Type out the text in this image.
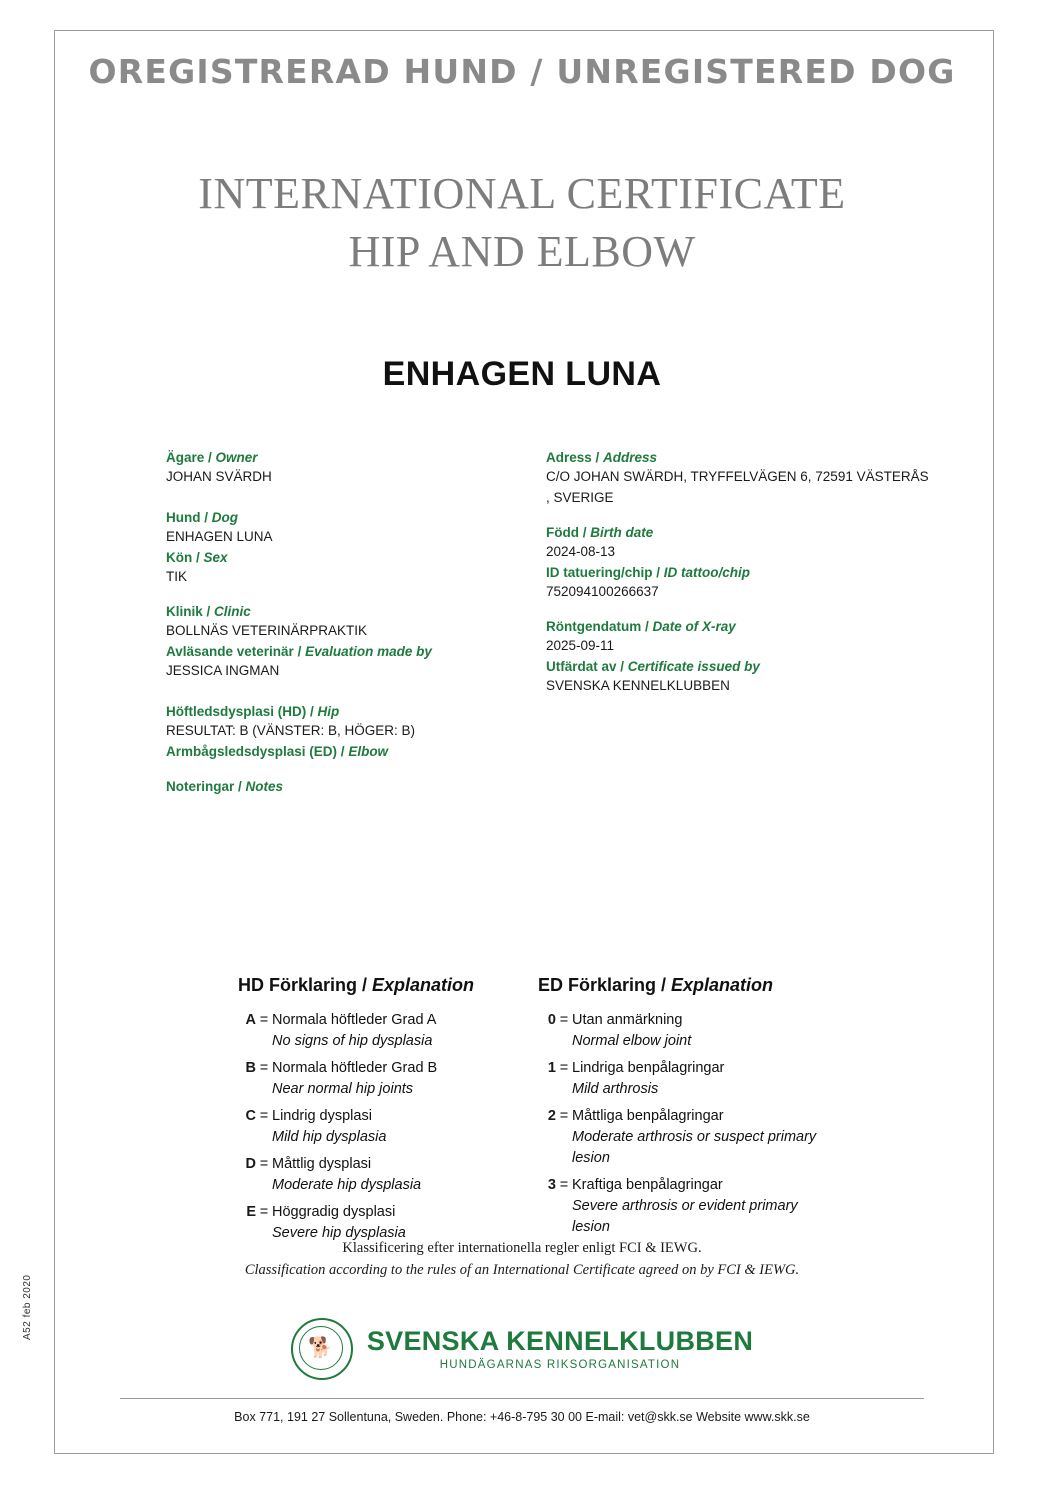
A52 feb 2020
OREGISTRERAD HUND / UNREGISTERED DOG
INTERNATIONAL CERTIFICATE
HIP AND ELBOW
ENHAGEN LUNA
Ägare / Owner
JOHAN SVÄRDH
Hund / Dog
ENHAGEN LUNA
Kön / Sex
TIK
Klinik / Clinic
BOLLNÄS VETERINÄRPRAKTIK
Avläsande veterinär / Evaluation made by
JESSICA INGMAN
Höftledsdysplasi (HD) / Hip
RESULTAT: B (VÄNSTER: B, HÖGER: B)
Armbågsledsdysplasi (ED) / Elbow
Noteringar / Notes
Adress / Address
C/O JOHAN SWÄRDH, TRYFFELVÄGEN 6, 72591 VÄSTERÅS
, SVERIGE
Född / Birth date
2024-08-13
ID tatuering/chip / ID tattoo/chip
752094100266637
Röntgendatum / Date of X-ray
2025-09-11
Utfärdat av / Certificate issued by
SVENSKA KENNELKLUBBEN
HD Förklaring / Explanation
A = Normala höftleder Grad A
No signs of hip dysplasia
B = Normala höftleder Grad B
Near normal hip joints
C = Lindrig dysplasi
Mild hip dysplasia
D = Måttlig dysplasi
Moderate hip dysplasia
E = Höggradig dysplasi
Severe hip dysplasia
ED Förklaring / Explanation
0 = Utan anmärkning
Normal elbow joint
1 = Lindriga benpålagringar
Mild arthrosis
2 = Måttliga benpålagringar
Moderate arthrosis or suspect primary lesion
3 = Kraftiga benpålagringar
Severe arthrosis or evident primary lesion
Klassificering efter internationella regler enligt FCI & IEWG.
Classification according to the rules of an International Certificate agreed on by FCI & IEWG.
🐕 SVENSKA KENNELKLUBBEN
HUNDÄGARNAS RIKSORGANISATION
Box 771, 191 27 Sollentuna, Sweden. Phone: +46-8-795 30 00 E-mail: vet@skk.se Website www.skk.se
